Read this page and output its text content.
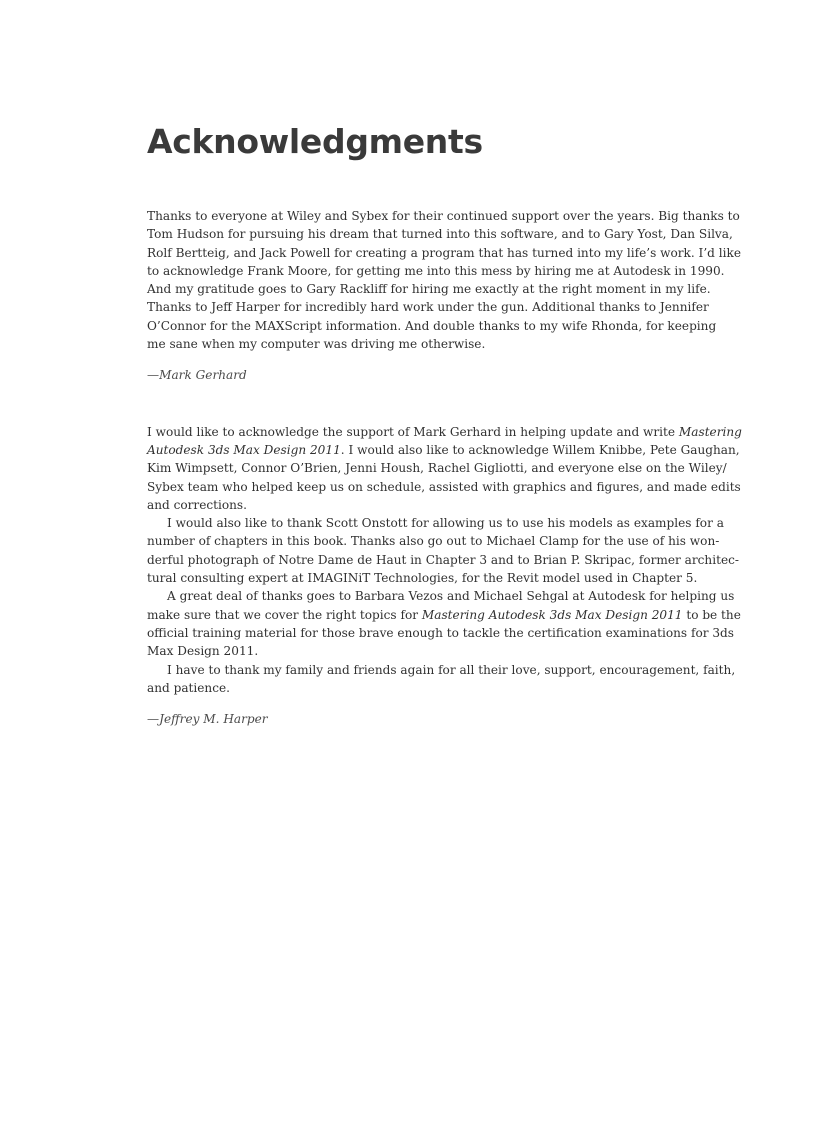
Acknowledgments

Thanks to everyone at Wiley and Sybex for their continued support over the years. Big thanks to
Tom Hudson for pursuing his dream that turned into this software, and to Gary Yost, Dan Silva,
Rolf Bertteig, and Jack Powell for creating a program that has turned into my life’s work. I’d like
to acknowledge Frank Moore, for getting me into this mess by hiring me at Autodesk in 1990.
And my gratitude goes to Gary Rackliff for hiring me exactly at the right moment in my life.
Thanks to Jeff Harper for incredibly hard work under the gun. Additional thanks to Jennifer
O’Connor for the MAXScript information. And double thanks to my wife Rhonda, for keeping
me sane when my computer was driving me otherwise.

—Mark Gerhard

I would like to acknowledge the support of Mark Gerhard in helping update and write Mastering
Autodesk 3ds Max Design 2011. I would also like to acknowledge Willem Knibbe, Pete Gaughan,
Kim Wimpsett, Connor O’Brien, Jenni Housh, Rachel Gigliotti, and everyone else on the Wiley/
Sybex team who helped keep us on schedule, assisted with graphics and figures, and made edits
and corrections.

I would also like to thank Scott Onstott for allowing us to use his models as examples for a
number of chapters in this book. Thanks also go out to Michael Clamp for the use of his won-
derful photograph of Notre Dame de Haut in Chapter 3 and to Brian P. Skripac, former architec-
tural consulting expert at IMAGINiT Technologies, for the Revit model used in Chapter 5.

A great deal of thanks goes to Barbara Vezos and Michael Sehgal at Autodesk for helping us
make sure that we cover the right topics for Mastering Autodesk 3ds Max Design 2011 to be the
official training material for those brave enough to tackle the certification examinations for 3ds
Max Design 2011.

I have to thank my family and friends again for all their love, support, encouragement, faith,
and patience.

—Jeffrey M. Harper
